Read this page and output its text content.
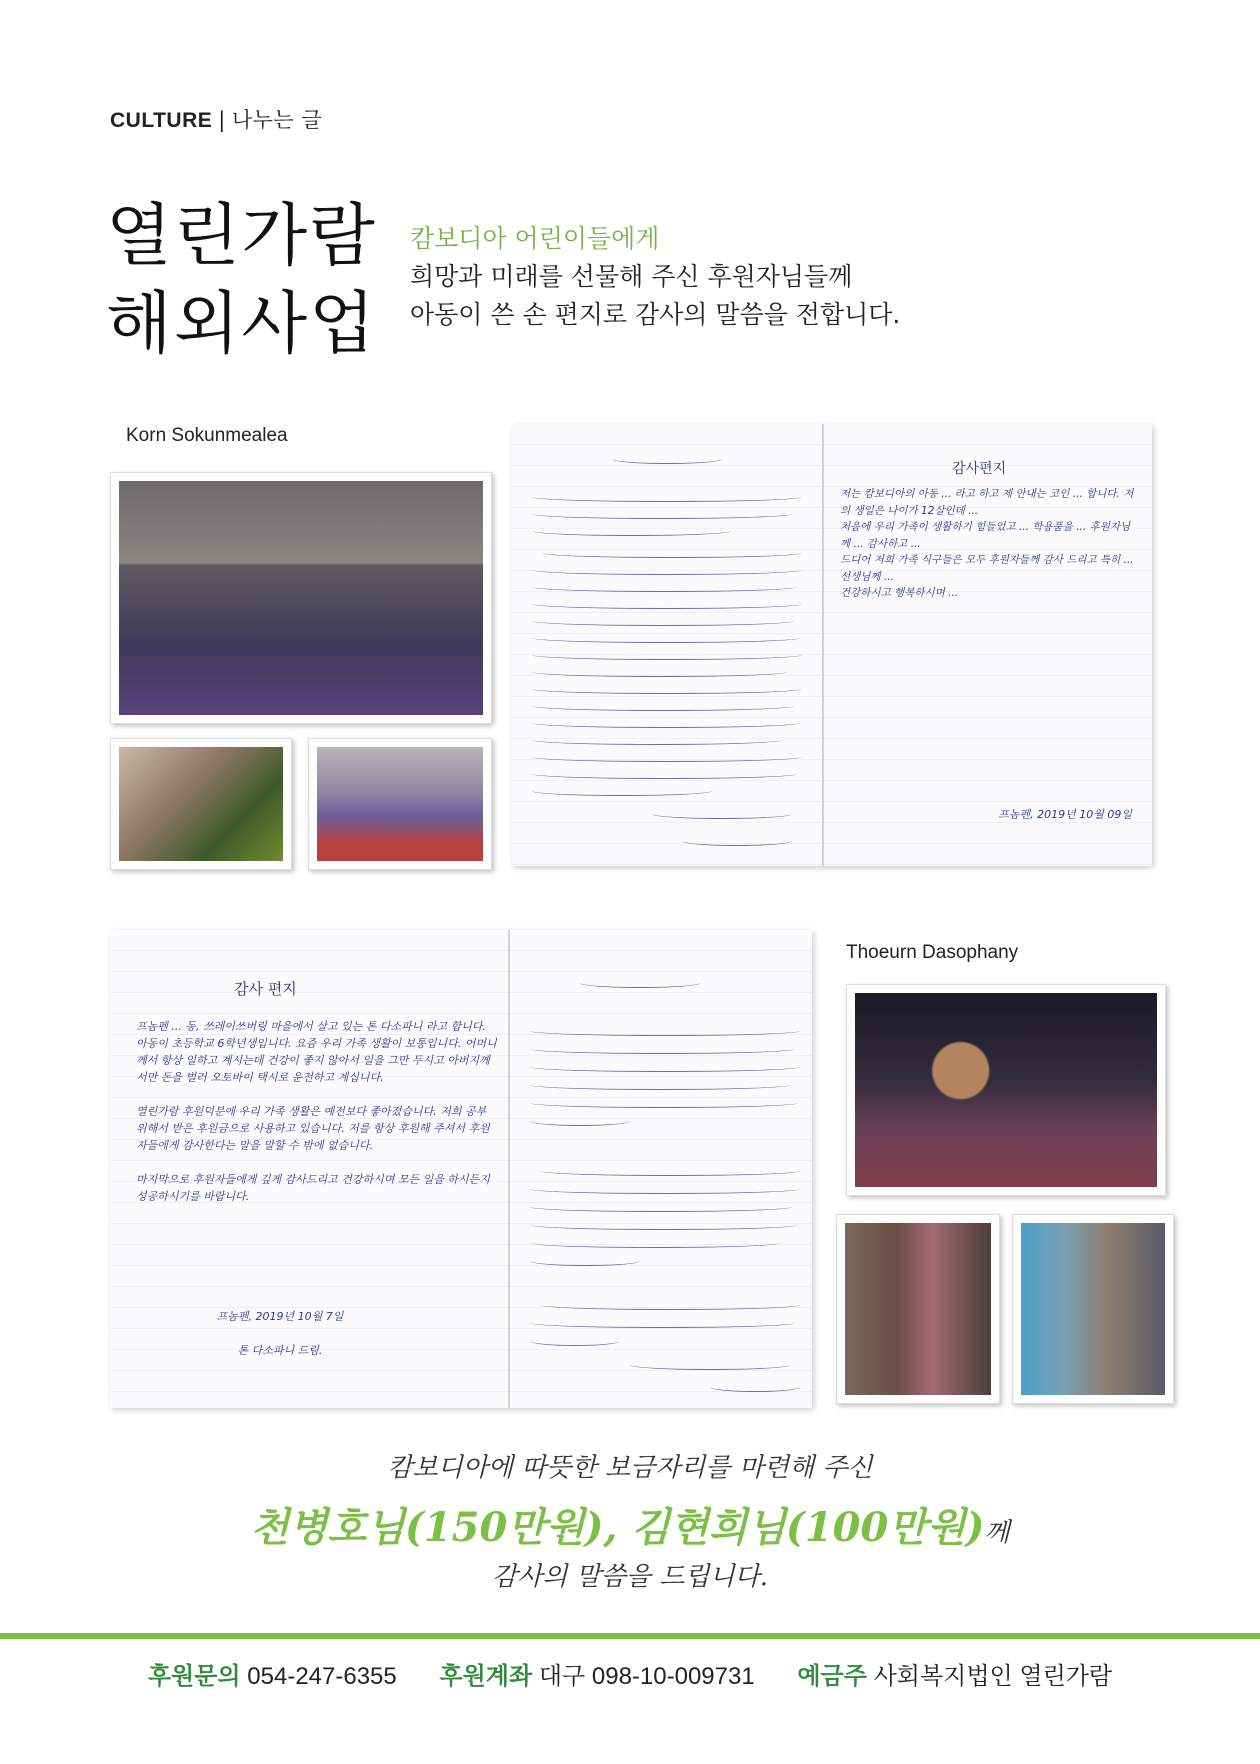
CULTURE | 나누는 글
열린가람
해외사업
캄보디아 어린이들에게
희망과 미래를 선물해 주신 후원자님들께
아동이 쓴 손 편지로 감사의 말씀을 전합니다.
Korn Sokunmealea
감사편지
저는 캄보디아의 아동 ... 라고 하고 제 안내는 코인 ... 합니다. 저의 생일은 나이가 12살인데 ...
처음에 우리 가족이 생활하기 힘들었고 ... 학용품을 ... 후원자님께 ... 감사하고 ...
드디어 저희 가족 식구들은 모두 후원자들께 감사 드리고 특히 ... 선생님께 ...
건강하시고 행복하시며 ...
프놈펜, 2019년 10월 09일
감사 편지
프놈펜 ... 동, 쓰레이쓰버링 마을에서 살고 있는 톤 다소파니 라고 합니다. 아동이 초등학교 6학년생입니다. 요즘 우리 가족 생활이 보통입니다. 어머니께서 항상 일하고 계시는데 건강이 좋지 않아서 일을 그만 두시고 아버지께서만 돈을 벌러 오토바이 택시로 운전하고 계십니다.

열린가람 후원덕분에 우리 가족 생활은 예전보다 좋아졌습니다. 저희 공부 위해서 받은 후원금으로 사용하고 있습니다. 저를 항상 후원해 주셔서 후원자들에게 감사한다는 말을 말할 수 밖에 없습니다.

마지막으로 후원자들에게 깊게 감사드리고 건강하시며 모든 일을 하시든지 성공하시기를 바랍니다.
프놈펜, 2019년 10월 7일
톤 다소파니 드림.
Thoeurn Dasophany
캄보디아에 따뜻한 보금자리를 마련해 주신
천병호님(150만원), 김현희님(100만원)께
감사의 말씀을 드립니다.
후원문의 054-247-6355 후원계좌 대구 098-10-009731 예금주 사회복지법인 열린가람
